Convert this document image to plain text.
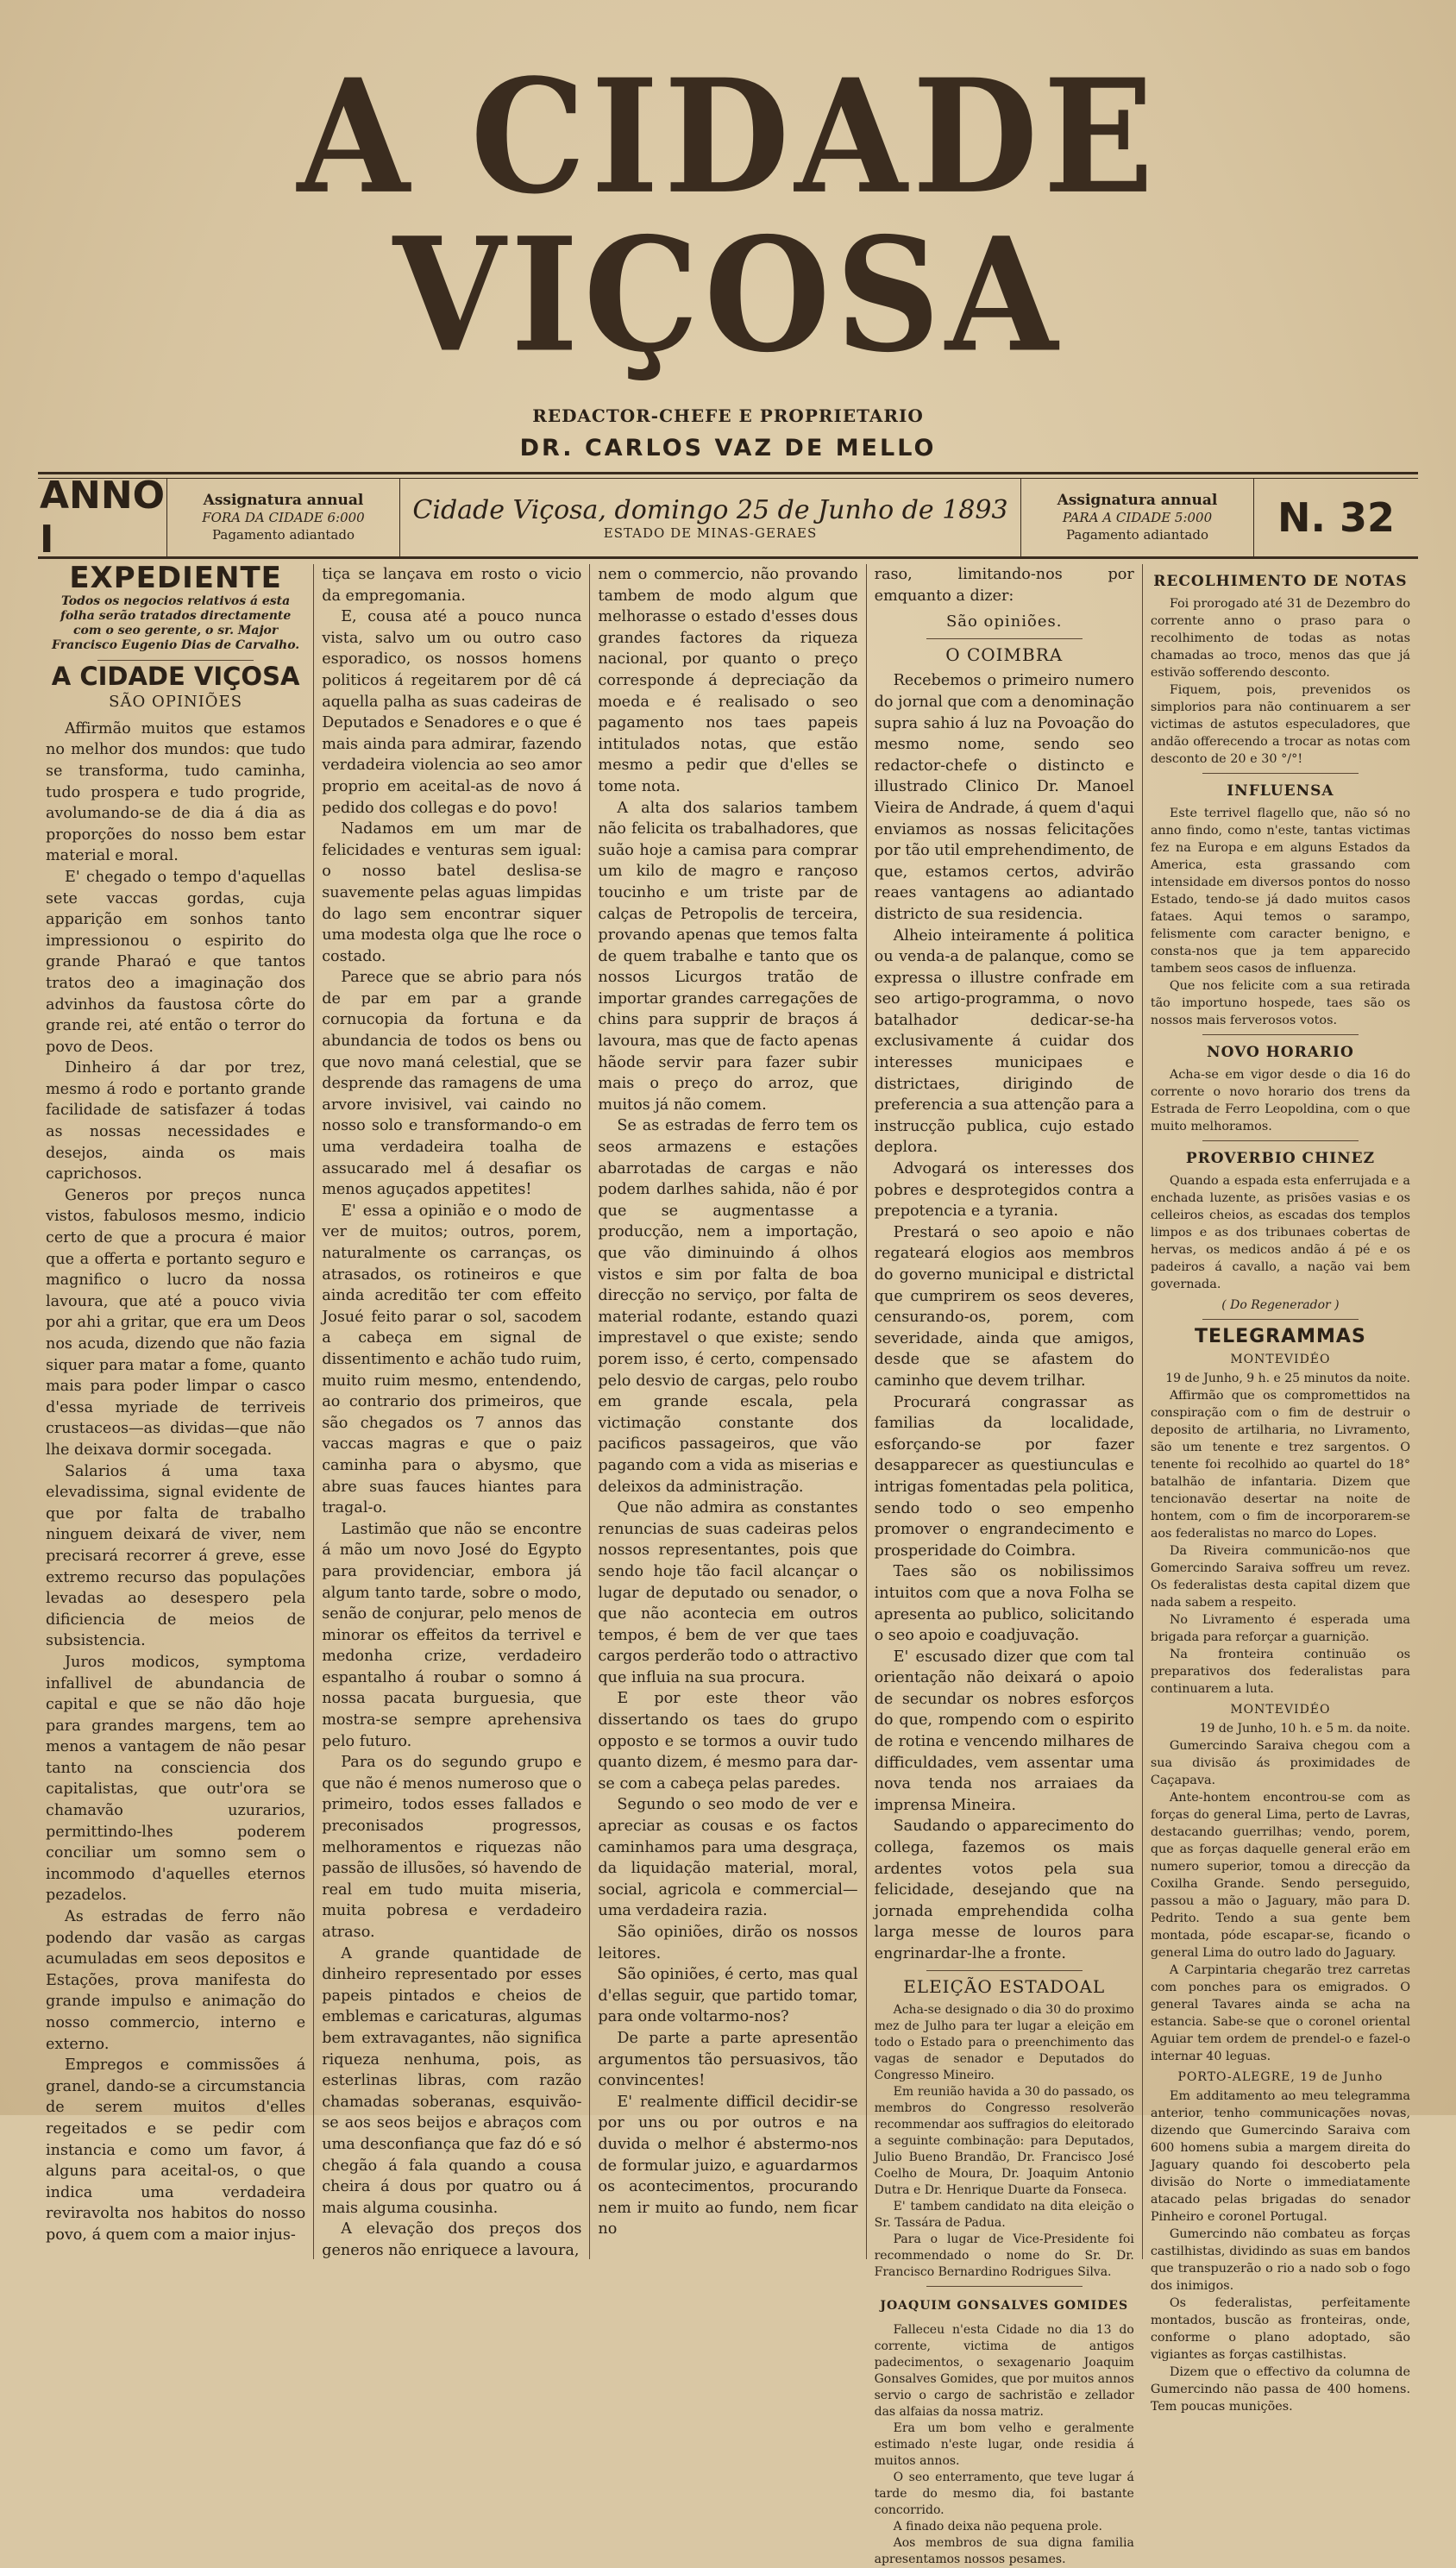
A CIDADE VIÇOSA
REDACTOR-CHEFE E PROPRIETARIO
DR. CARLOS VAZ DE MELLO
ANNO I
Assignatura annual
FORA DA CIDADE 6:000
Pagamento adiantado
Cidade Viçosa, domingo 25 de Junho de 1893
ESTADO DE MINAS-GERAES
Assignatura annual
PARA A CIDADE 5:000
Pagamento adiantado	N. 32
EXPEDIENTE
Todos os negocios relativos á esta folha serão tratados directamente com o seo gerente, o sr. Major Francisco Eugenio Dias de Carvalho.
A CIDADE VIÇOSA
SÃO OPINIÕES

Affirmão muitos que estamos no melhor dos mundos: que tudo se transforma, tudo caminha, tudo prospera e tudo progride, avolumando-se de dia á dia as proporções do nosso bem estar material e moral.

E' chegado o tempo d'aquellas sete vaccas gordas, cuja apparição em sonhos tanto impressionou o espirito do grande Pharaó e que tantos tratos deo a imaginação dos advinhos da faustosa côrte do grande rei, até então o terror do povo de Deos.

Dinheiro á dar por trez, mesmo á rodo e portanto grande facilidade de satisfazer á todas as nossas necessidades e desejos, ainda os mais caprichosos.

Generos por preços nunca vistos, fabulosos mesmo, indicio certo de que a procura é maior que a offerta e portanto seguro e magnifico o lucro da nossa lavoura, que até a pouco vivia por ahi a gritar, que era um Deos nos acuda, dizendo que não fazia siquer para matar a fome, quanto mais para poder limpar o casco d'essa myriade de terriveis crustaceos—as dividas—que não lhe deixava dormir socegada.

Salarios á uma taxa elevadissima, signal evidente de que por falta de trabalho ninguem deixará de viver, nem precisará recorrer á greve, esse extremo recurso das populações levadas ao desespero pela dificiencia de meios de subsistencia.

Juros modicos, symptoma infallivel de abundancia de capital e que se não dão hoje para grandes margens, tem ao menos a vantagem de não pesar tanto na consciencia dos capitalistas, que outr'ora se chamavão uzurarios, permittindo-lhes poderem conciliar um somno sem o incommodo d'aquelles eternos pezadelos.

As estradas de ferro não podendo dar vasão as cargas acumuladas em seos depositos e Estações, prova manifesta do grande impulso e animação do nosso commercio, interno e externo.

Empregos e commissões á granel, dando-se a circumstancia de serem muitos d'elles regeitados e se pedir com instancia e como um favor, á alguns para aceital-os, o que indica uma verdadeira reviravolta nos habitos do nosso povo, á quem com a maior injus-

tiça se lançava em rosto o vicio da empregomania.

E, cousa até a pouco nunca vista, salvo um ou outro caso esporadico, os nossos homens politicos á regeitarem por dê cá aquella palha as suas cadeiras de Deputados e Senadores e o que é mais ainda para admirar, fazendo verdadeira violencia ao seo amor proprio em aceital-as de novo á pedido dos collegas e do povo!

Nadamos em um mar de felicidades e venturas sem igual: o nosso batel deslisa-se suavemente pelas aguas limpidas do lago sem encontrar siquer uma modesta olga que lhe roce o costado.

Parece que se abrio para nós de par em par a grande cornucopia da fortuna e da abundancia de todos os bens ou que novo maná celestial, que se desprende das ramagens de uma arvore invisivel, vai caindo no nosso solo e transformando-o em uma verdadeira toalha de assucarado mel á desafiar os menos aguçados appetites!

E' essa a opinião e o modo de ver de muitos; outros, porem, naturalmente os carranças, os atrasados, os rotineiros e que ainda acreditão ter com effeito Josué feito parar o sol, sacodem a cabeça em signal de dissentimento e achão tudo ruim, muito ruim mesmo, entendendo, ao contrario dos primeiros, que são chegados os 7 annos das vaccas magras e que o paiz caminha para o abysmo, que abre suas fauces hiantes para tragal-o.

Lastimão que não se encontre á mão um novo José do Egypto para providenciar, embora já algum tanto tarde, sobre o modo, senão de conjurar, pelo menos de minorar os effeitos da terrivel e medonha crize, verdadeiro espantalho á roubar o somno á nossa pacata burguesia, que mostra-se sempre aprehensiva pelo futuro.

Para os do segundo grupo e que não é menos numeroso que o primeiro, todos esses fallados e preconisados progressos, melhoramentos e riquezas não passão de illusões, só havendo de real em tudo muita miseria, muita pobresa e verdadeiro atraso.

A grande quantidade de dinheiro representado por esses papeis pintados e cheios de emblemas e caricaturas, algumas bem extravagantes, não significa riqueza nenhuma, pois, as esterlinas libras, com razão chamadas soberanas, esquivão-se aos seos beijos e abraços com uma desconfiança que faz dó e só chegão á fala quando a cousa cheira á dous por quatro ou á mais alguma cousinha.

A elevação dos preços dos generos não enriquece a lavoura,

nem o commercio, não provando tambem de modo algum que melhorasse o estado d'esses dous grandes factores da riqueza nacional, por quanto o preço corresponde á depreciação da moeda e é realisado o seo pagamento nos taes papeis intitulados notas, que estão mesmo a pedir que d'elles se tome nota.

A alta dos salarios tambem não felicita os trabalhadores, que suão hoje a camisa para comprar um kilo de magro e rançoso toucinho e um triste par de calças de Petropolis de terceira, provando apenas que temos falta de quem trabalhe e tanto que os nossos Licurgos tratão de importar grandes carregações de chins para supprir de braços á lavoura, mas que de facto apenas hãode servir para fazer subir mais o preço do arroz, que muitos já não comem.

Se as estradas de ferro tem os seos armazens e estações abarrotadas de cargas e não podem darlhes sahida, não é por que se augmentasse a producção, nem a importação, que vão diminuindo á olhos vistos e sim por falta de boa direcção no serviço, por falta de material rodante, estando quazi imprestavel o que existe; sendo porem isso, é certo, compensado pelo desvio de cargas, pelo roubo em grande escala, pela victimação constante dos pacificos passageiros, que vão pagando com a vida as miserias e deleixos da administração.

Que não admira as constantes renuncias de suas cadeiras pelos nossos representantes, pois que sendo hoje tão facil alcançar o lugar de deputado ou senador, o que não acontecia em outros tempos, é bem de ver que taes cargos perderão todo o attractivo que influia na sua procura.

E por este theor vão dissertando os taes do grupo opposto e se tormos a ouvir tudo quanto dizem, é mesmo para dar-se com a cabeça pelas paredes.

Segundo o seo modo de ver e apreciar as cousas e os factos caminhamos para uma desgraça, da liquidação material, moral, social, agricola e commercial—uma verdadeira razia.

São opiniões, dirão os nossos leitores.

São opiniões, é certo, mas qual d'ellas seguir, que partido tomar, para onde voltarmo-nos?

De parte a parte apresentão argumentos tão persuasivos, tão convincentes!

E' realmente difficil decidir-se por uns ou por outros e na duvida o melhor é abstermo-nos de formular juizo, e aguardarmos os acontecimentos, procurando nem ir muito ao fundo, nem ficar no

raso, limitando-nos por emquanto a dizer:

São opiniões.
O COIMBRA

Recebemos o primeiro numero do jornal que com a denominação supra sahio á luz na Povoação do mesmo nome, sendo seo redactor-chefe o distincto e illustrado Clinico Dr. Manoel Vieira de Andrade, á quem d'aqui enviamos as nossas felicitações por tão util emprehendimento, de que, estamos certos, advirão reaes vantagens ao adiantado districto de sua residencia.

Alheio inteiramente á politica ou venda-a de palanque, como se expressa o illustre confrade em seo artigo-programma, o novo batalhador dedicar-se-ha exclusivamente á cuidar dos interesses municipaes e districtaes, dirigindo de preferencia a sua attenção para a instrucção publica, cujo estado deplora.

Advogará os interesses dos pobres e desprotegidos contra a prepotencia e a tyrania.

Prestará o seo apoio e não regateará elogios aos membros do governo municipal e districtal que cumprirem os seos deveres, censurando-os, porem, com severidade, ainda que amigos, desde que se afastem do caminho que devem trilhar.

Procurará congrassar as familias da localidade, esforçando-se por fazer desapparecer as questiunculas e intrigas fomentadas pela politica, sendo todo o seo empenho promover o engrandecimento e prosperidade do Coimbra.

Taes são os nobilissimos intuitos com que a nova Folha se apresenta ao publico, solicitando o seo apoio e coadjuvação.

E' escusado dizer que com tal orientação não deixará o apoio de secundar os nobres esforços do que, rompendo com o espirito de rotina e vencendo milhares de difficuldades, vem assentar uma nova tenda nos arraiaes da imprensa Mineira.

Saudando o apparecimento do collega, fazemos os mais ardentes votos pela sua felicidade, desejando que na jornada emprehendida colha larga messe de louros para engrinardar-lhe a fronte.

ELEIÇÃO ESTADOAL

Acha-se designado o dia 30 do proximo mez de Julho para ter lugar a eleição em todo o Estado para o preenchimento das vagas de senador e Deputados do Congresso Mineiro.

Em reunião havida a 30 do passado, os membros do Congresso resolverão recommendar aos suffragios do eleitorado a seguinte combinação: para Deputados, Julio Bueno Brandão, Dr. Francisco José Coelho de Moura, Dr. Joaquim Antonio Dutra e Dr. Henrique Duarte da Fonseca.

E' tambem candidato na dita eleição o Sr. Tassára de Padua.

Para o lugar de Vice-Presidente foi recommendado o nome do Sr. Dr. Francisco Bernardino Rodrigues Silva.

JOAQUIM GONSALVES GOMIDES

Falleceu n'esta Cidade no dia 13 do corrente, victima de antigos padecimentos, o sexagenario Joaquim Gonsalves Gomides, que por muitos annos servio o cargo de sachristão e zellador das alfaias da nossa matriz.

Era um bom velho e geralmente estimado n'este lugar, onde residia á muitos annos.

O seo enterramento, que teve lugar á tarde do mesmo dia, foi bastante concorrido.

A finado deixa não pequena prole.

Aos membros de sua digna familia apresentamos nossos pesames.

RECOLHIMENTO DE NOTAS

Foi prorogado até 31 de Dezembro do corrente anno o praso para o recolhimento de todas as notas chamadas ao troco, menos das que já estivão sofferendo desconto.

Fiquem, pois, prevenidos os simplorios para não continuarem a ser victimas de astutos especuladores, que andão offerecendo a trocar as notas com desconto de 20 e 30 °/°!

INFLUENSA

Este terrivel flagello que, não só no anno findo, como n'este, tantas victimas fez na Europa e em alguns Estados da America, esta grassando com intensidade em diversos pontos do nosso Estado, tendo-se já dado muitos casos fataes. Aqui temos o sarampo, felismente com caracter benigno, e consta-nos que ja tem apparecido tambem seos casos de influenza.

Que nos felicite com a sua retirada tão importuno hospede, taes são os nossos mais ferverosos votos.

NOVO HORARIO

Acha-se em vigor desde o dia 16 do corrente o novo horario dos trens da Estrada de Ferro Leopoldina, com o que muito melhoramos.

PROVERBIO CHINEZ

Quando a espada esta enferrujada e a enchada luzente, as prisões vasias e os celleiros cheios, as escadas dos templos limpos e as dos tribunaes cobertas de hervas, os medicos andão á pé e os padeiros á cavallo, a nação vai bem governada.

( Do Regenerador )
TELEGRAMMAS
MONTEVIDÉO
19 de Junho, 9 h. e 25 minutos da noite.

Affirmão que os compromettidos na conspiração com o fim de destruir o deposito de artilharia, no Livramento, são um tenente e trez sargentos. O tenente foi recolhido ao quartel do 18° batalhão de infantaria. Dizem que tencionavão desertar na noite de hontem, com o fim de incorporarem-se aos federalistas no marco do Lopes.

Da Riveira communicão-nos que Gomercindo Saraiva soffreu um revez. Os federalistas desta capital dizem que nada sabem a respeito.

No Livramento é esperada uma brigada para reforçar a guarnição.

Na fronteira continuão os preparativos dos federalistas para continuarem a luta.

MONTEVIDÉO
19 de Junho, 10 h. e 5 m. da noite.

Gumercindo Saraiva chegou com a sua divisão ás proximidades de Caçapava.

Ante-hontem encontrou-se com as forças do general Lima, perto de Lavras, destacando guerrilhas; vendo, porem, que as forças daquelle general erão em numero superior, tomou a direcção da Coxilha Grande. Sendo perseguido, passou a mão o Jaguary, mão para D. Pedrito. Tendo a sua gente bem montada, póde escapar-se, ficando o general Lima do outro lado do Jaguary.

A Carpintaria chegarão trez carretas com ponches para os emigrados. O general Tavares ainda se acha na estancia. Sabe-se que o coronel oriental Aguiar tem ordem de prendel-o e fazel-o internar 40 leguas.

PORTO-ALEGRE, 19 de Junho

Em additamento ao meu telegramma anterior, tenho communicações novas, dizendo que Gumercindo Saraiva com 600 homens subia a margem direita do Jaguary quando foi descoberto pela divisão do Norte o immediatamente atacado pelas brigadas do senador Pinheiro e coronel Portugal.

Gumercindo não combateu as forças castilhistas, dividindo as suas em bandos que transpuzerão o rio a nado sob o fogo dos inimigos.

Os federalistas, perfeitamente montados, buscão as fronteiras, onde, conforme o plano adoptado, são vigiantes as forças castilhistas.

Dizem que o effectivo da columna de Gumercindo não passa de 400 homens. Tem poucas munições.
